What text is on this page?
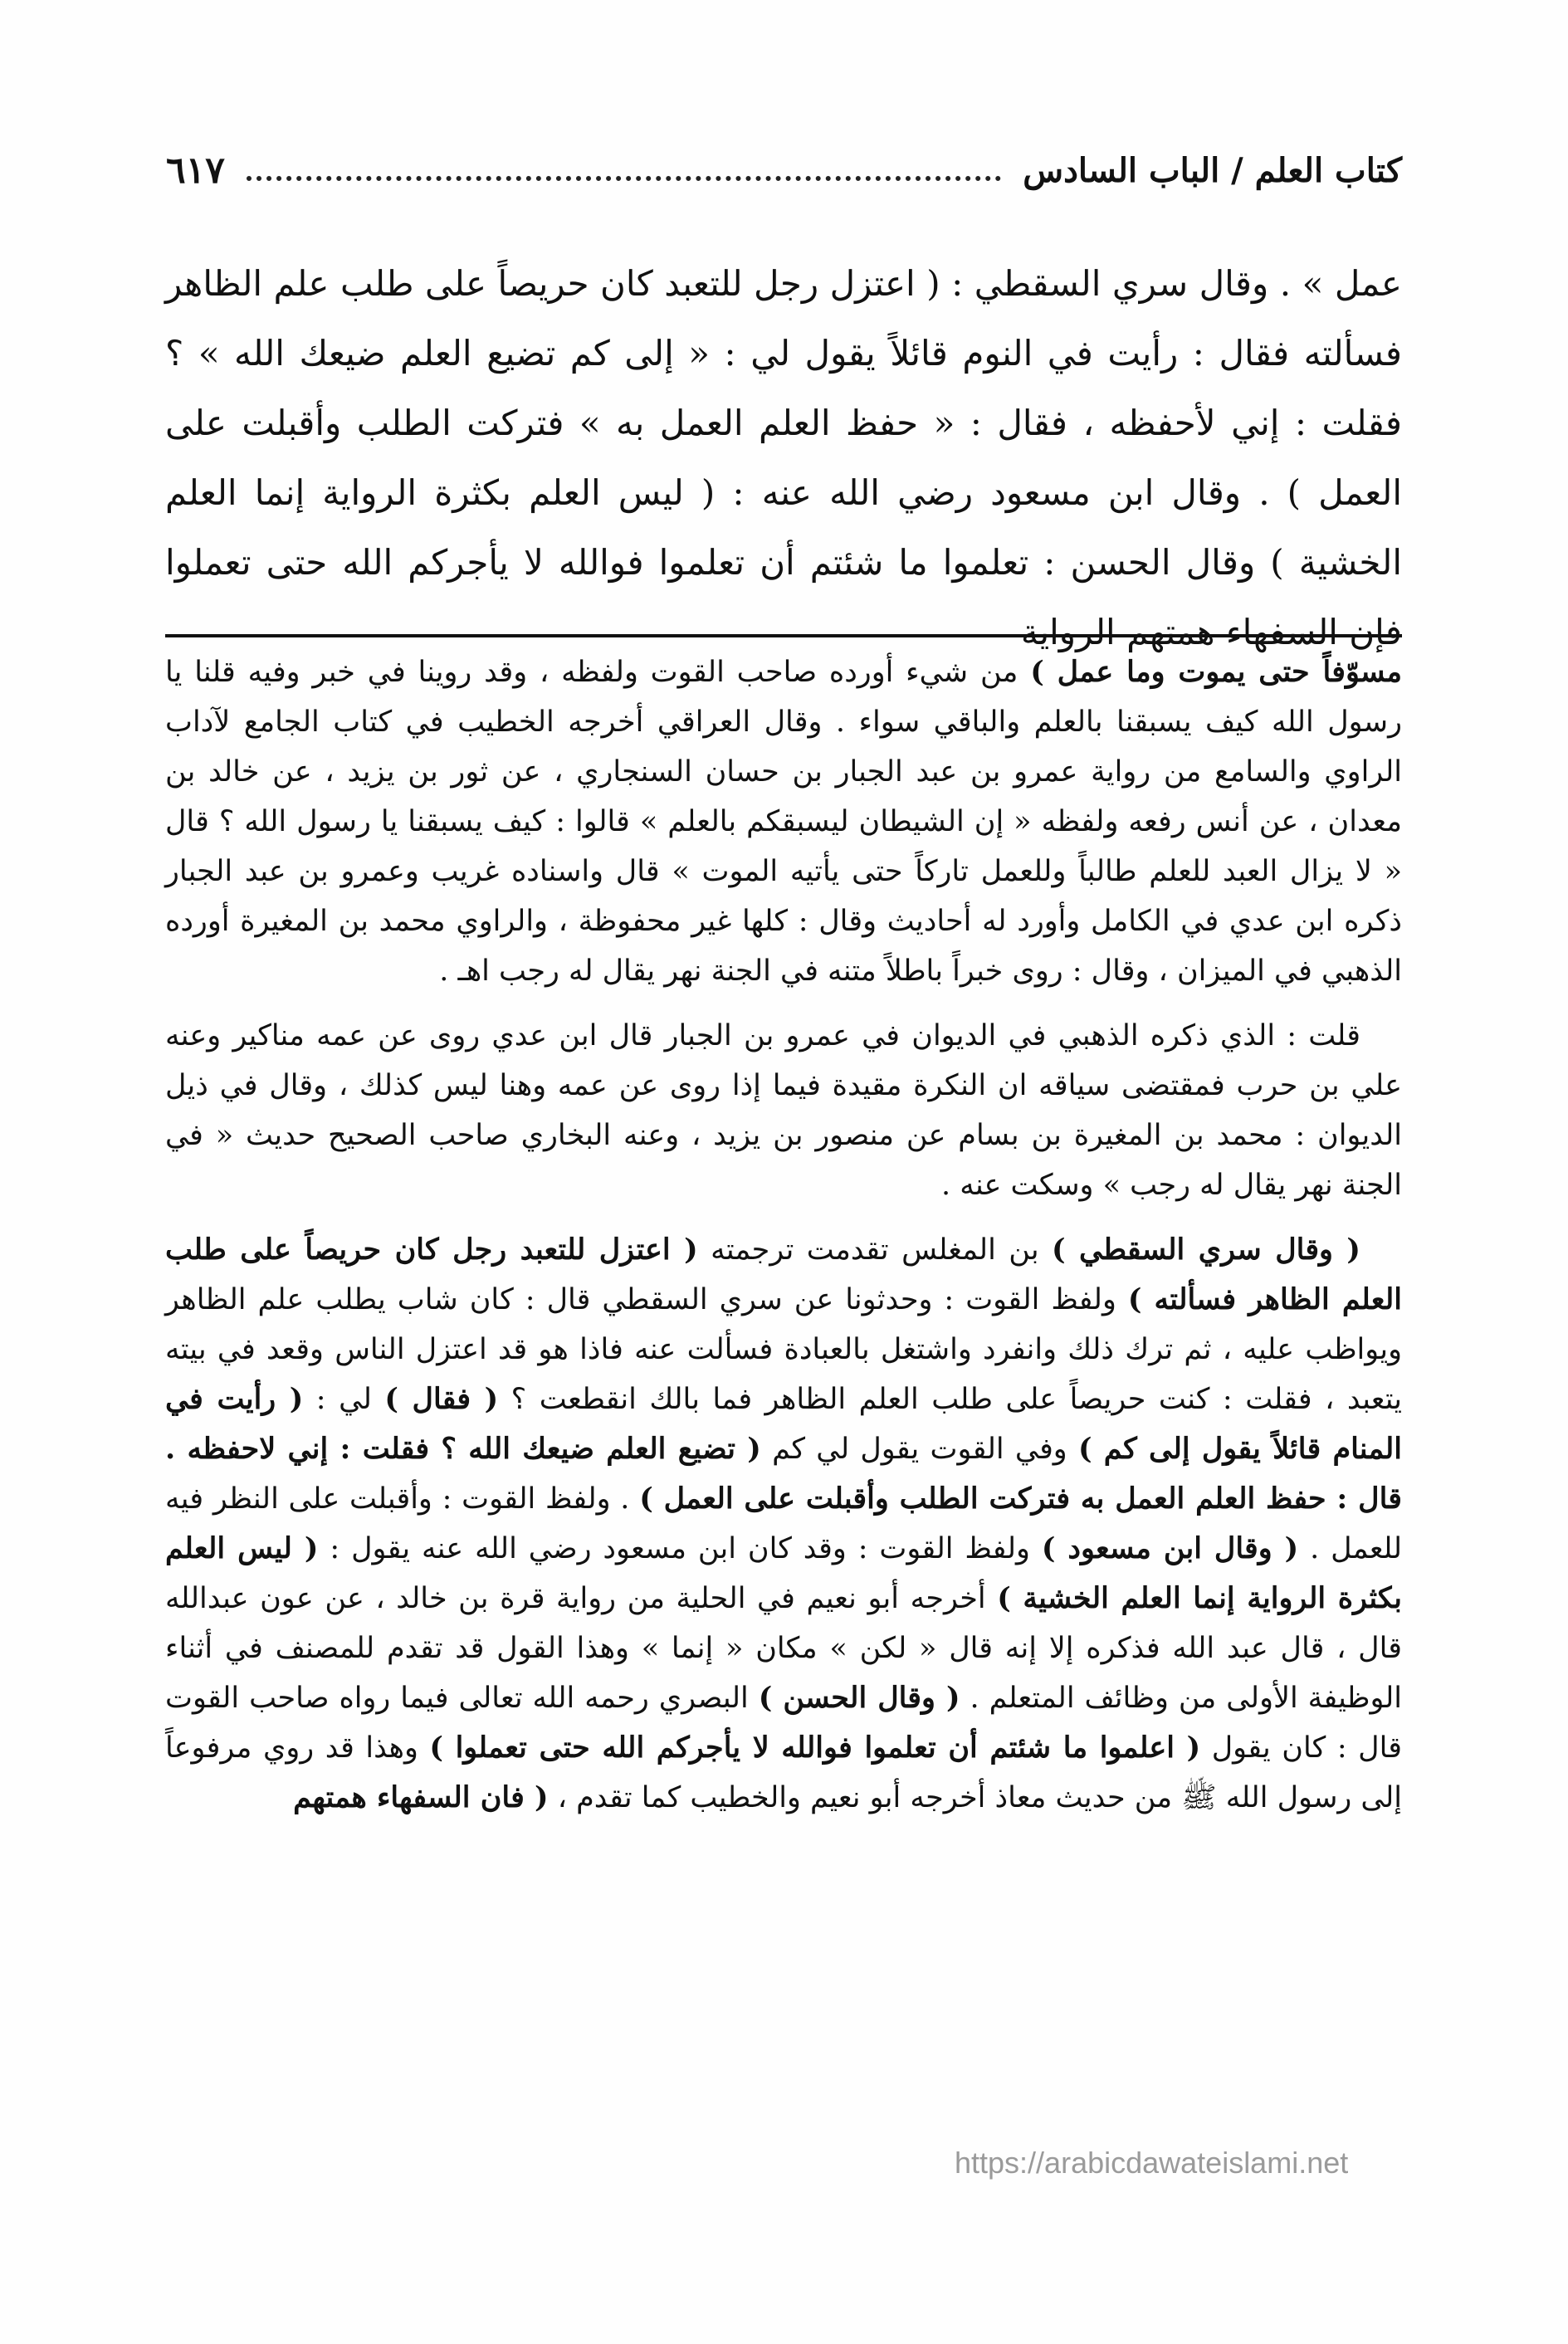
كتاب العلم / الباب السادس
٦١٧

عمل » . وقال سري السقطي : ( اعتزل رجل للتعبد كان حريصاً على طلب علم الظاهر فسألته فقال : رأيت في النوم قائلاً يقول لي : « إلى كم تضيع العلم ضيعك الله » ؟ فقلت : إني لأحفظه ، فقال : « حفظ العلم العمل به » فتركت الطلب وأقبلت على العمل ) . وقال ابن مسعود رضي الله عنه : ( ليس العلم بكثرة الرواية إنما العلم الخشية ) وقال الحسن : تعلموا ما شئتم أن تعلموا فوالله لا يأجركم الله حتى تعملوا فإن السفهاء همتهم الرواية

مسوّفاً حتى يموت وما عمل ) من شيء أورده صاحب القوت ولفظه ، وقد روينا في خبر وفيه قلنا يا رسول الله كيف يسبقنا بالعلم والباقي سواء . وقال العراقي أخرجه الخطيب في كتاب الجامع لآداب الراوي والسامع من رواية عمرو بن عبد الجبار بن حسان السنجاري ، عن ثور بن يزيد ، عن خالد بن معدان ، عن أنس رفعه ولفظه « إن الشيطان ليسبقكم بالعلم » قالوا : كيف يسبقنا يا رسول الله ؟ قال « لا يزال العبد للعلم طالباً وللعمل تاركاً حتى يأتيه الموت » قال واسناده غريب وعمرو بن عبد الجبار ذكره ابن عدي في الكامل وأورد له أحاديث وقال : كلها غير محفوظة ، والراوي محمد بن المغيرة أورده الذهبي في الميزان ، وقال : روى خبراً باطلاً متنه في الجنة نهر يقال له رجب اهـ .

قلت : الذي ذكره الذهبي في الديوان في عمرو بن الجبار قال ابن عدي روى عن عمه مناكير وعنه علي بن حرب فمقتضى سياقه ان النكرة مقيدة فيما إذا روى عن عمه وهنا ليس كذلك ، وقال في ذيل الديوان : محمد بن المغيرة بن بسام عن منصور بن يزيد ، وعنه البخاري صاحب الصحيح حديث « في الجنة نهر يقال له رجب » وسكت عنه .

( وقال سري السقطي ) بن المغلس تقدمت ترجمته ( اعتزل للتعبد رجل كان حريصاً على طلب العلم الظاهر فسألته ) ولفظ القوت : وحدثونا عن سري السقطي قال : كان شاب يطلب علم الظاهر ويواظب عليه ، ثم ترك ذلك وانفرد واشتغل بالعبادة فسألت عنه فاذا هو قد اعتزل الناس وقعد في بيته يتعبد ، فقلت : كنت حريصاً على طلب العلم الظاهر فما بالك انقطعت ؟ ( فقال ) لي : ( رأيت في المنام قائلاً يقول إلى كم ) وفي القوت يقول لي كم ( تضيع العلم ضيعك الله ؟ فقلت : إني لاحفظه . قال : حفظ العلم العمل به فتركت الطلب وأقبلت على العمل ) . ولفظ القوت : وأقبلت على النظر فيه للعمل . ( وقال ابن مسعود ) ولفظ القوت : وقد كان ابن مسعود رضي الله عنه يقول : ( ليس العلم بكثرة الرواية إنما العلم الخشية ) أخرجه أبو نعيم في الحلية من رواية قرة بن خالد ، عن عون عبدالله قال ، قال عبد الله فذكره إلا إنه قال « لكن » مكان « إنما » وهذا القول قد تقدم للمصنف في أثناء الوظيفة الأولى من وظائف المتعلم . ( وقال الحسن ) البصري رحمه الله تعالى فيما رواه صاحب القوت قال : كان يقول ( اعلموا ما شئتم أن تعلموا فوالله لا يأجركم الله حتى تعملوا ) وهذا قد روي مرفوعاً إلى رسول الله ﷺ من حديث معاذ أخرجه أبو نعيم والخطيب كما تقدم ، ( فان السفهاء همتهم

https://arabicdawateislami.net
